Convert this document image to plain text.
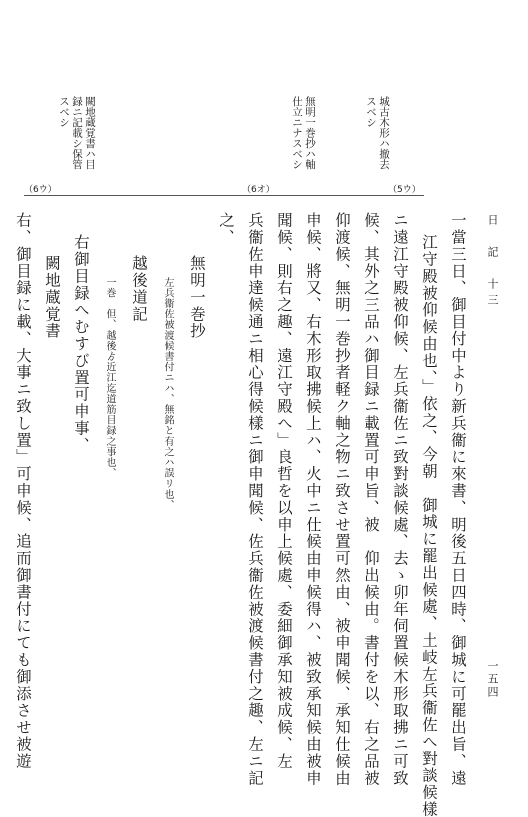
闕地蔵覚書ハ目録ニ記載シ保管スベシ	無明一巻抄ハ軸仕立ニナスベシ	城古木形ハ撤去スベシ
（6ウ）	（6オ）	（5ウ）
日　記　十三
一五四
一當三日、御目付中より新兵衞に來書、明後五日四時、御城に可罷出旨、遠
江守殿被仰候由也、」依之、今朝　御城に罷出候處、土岐左兵衞佐へ對談候樣
ニ遠江守殿被仰候、左兵衞佐ニ致對談候處、去ゝ卯年伺置候木形取拂ニ可致
候、其外之三品ハ御目録ニ載置可申旨、被　仰出候由。書付を以、右之品被
仰渡候、無明一巻抄者軽ク軸之物ニ致させ置可然由、被申聞候、承知仕候由
申候、將又、右木形取拂候上ハ、火中ニ仕候由申候得ハ、被致承知候由被申
聞候、則右之趣、遠江守殿へ」良哲を以申上候處、委細御承知被成候、左
兵衞佐申達候通ニ相心得候樣ニ御申聞候、佐兵衞佐被渡候書付之趣、左ニ記
之、
無明一巻抄
左兵衞佐被渡候書付ニハ、無銘と有之ハ誤リ也、
越後道記
一巻　但、越後ゟ近江迄道筋目録之事也、
右御目録へむすび置可申事、
闕地蔵覚書
右、御目録に載、大事ニ致し置」可申候、追而御書付にても御添させ被遊
